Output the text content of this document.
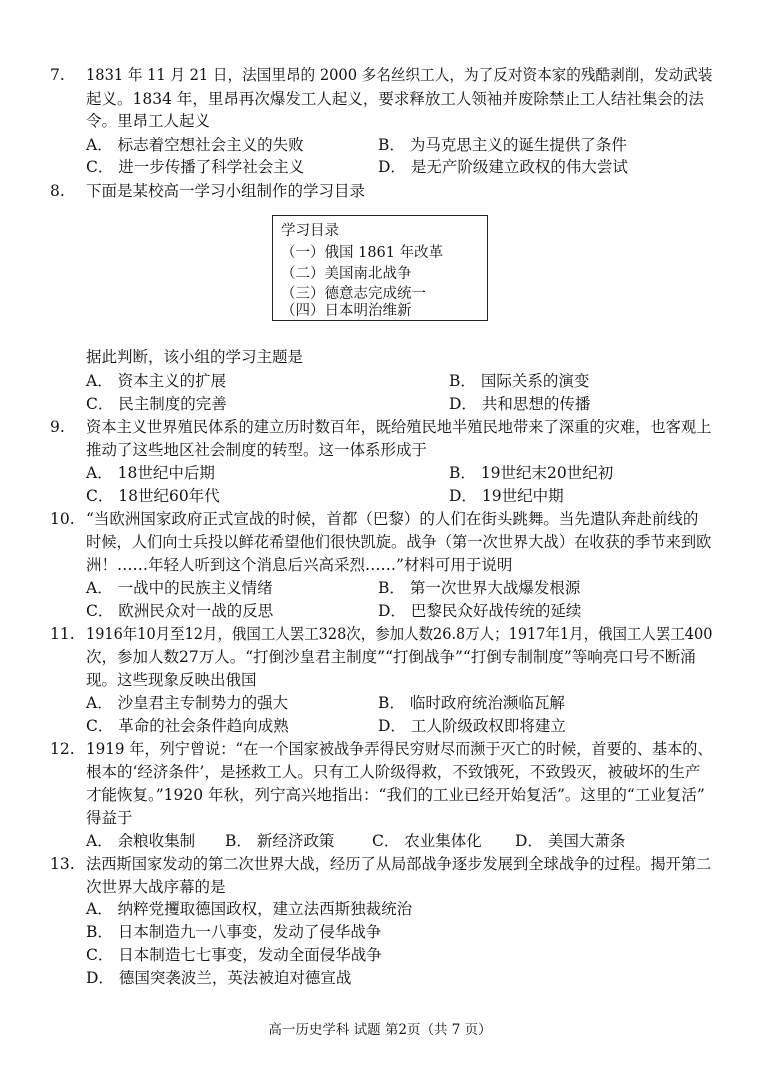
7. 1831 年 11 月 21 日，法国里昂的 2000 多名丝织工人，为了反对资本家的残酷剥削，发动武装
起义。1834 年，里昂再次爆发工人起义，要求释放工人领袖并废除禁止工人结社集会的法
令。里昂工人起义
A． 标志着空想社会主义的失败	B． 为马克思主义的诞生提供了条件
C． 进一步传播了科学社会主义	D． 是无产阶级建立政权的伟大尝试
8. 下面是某校高一学习小组制作的学习目录
学习目录
（一）俄国 1861 年改革
（二）美国南北战争
（三）德意志完成统一
（四）日本明治维新
据此判断，该小组的学习主题是
A． 资本主义的扩展	B． 国际关系的演变
C． 民主制度的完善	D． 共和思想的传播
9. 资本主义世界殖民体系的建立历时数百年，既给殖民地半殖民地带来了深重的灾难，也客观上
推动了这些地区社会制度的转型。这一体系形成于
A． 18世纪中后期	B． 19世纪末20世纪初
C． 18世纪60年代	D． 19世纪中期
10. “当欧洲国家政府正式宣战的时候，首都（巴黎）的人们在街头跳舞。当先遣队奔赴前线的
时候，人们向士兵投以鲜花希望他们很快凯旋。战争（第一次世界大战）在收获的季节来到欧
洲！……年轻人听到这个消息后兴高采烈……”材料可用于说明
A． 一战中的民族主义情绪	B． 第一次世界大战爆发根源
C． 欧洲民众对一战的反思	D． 巴黎民众好战传统的延续
11. 1916年10月至12月，俄国工人罢工328次，参加人数26.8万人；1917年1月，俄国工人罢工400
次，参加人数27万人。“打倒沙皇君主制度”“打倒战争”“打倒专制制度”等响亮口号不断涌
现。这些现象反映出俄国
A． 沙皇君主专制势力的强大	B． 临时政府统治濒临瓦解
C． 革命的社会条件趋向成熟	D． 工人阶级政权即将建立
12. 1919 年，列宁曾说：“在一个国家被战争弄得民穷财尽而濒于灭亡的时候，首要的、基本的、
根本的‘经济条件’，是拯救工人。只有工人阶级得救，不致饿死，不致毁灭，被破坏的生产
才能恢复。”1920 年秋，列宁高兴地指出：“我们的工业已经开始复活”。这里的“工业复活”
得益于
A． 余粮收集制 B． 新经济政策 C． 农业集体化 D． 美国大萧条
13. 法西斯国家发动的第二次世界大战，经历了从局部战争逐步发展到全球战争的过程。揭开第二
次世界大战序幕的是
A． 纳粹党攫取德国政权，建立法西斯独裁统治
B． 日本制造九一八事变，发动了侵华战争
C． 日本制造七七事变，发动全面侵华战争
D． 德国突袭波兰，英法被迫对德宣战
高一历史学科 试题 第2页（共 7 页）
